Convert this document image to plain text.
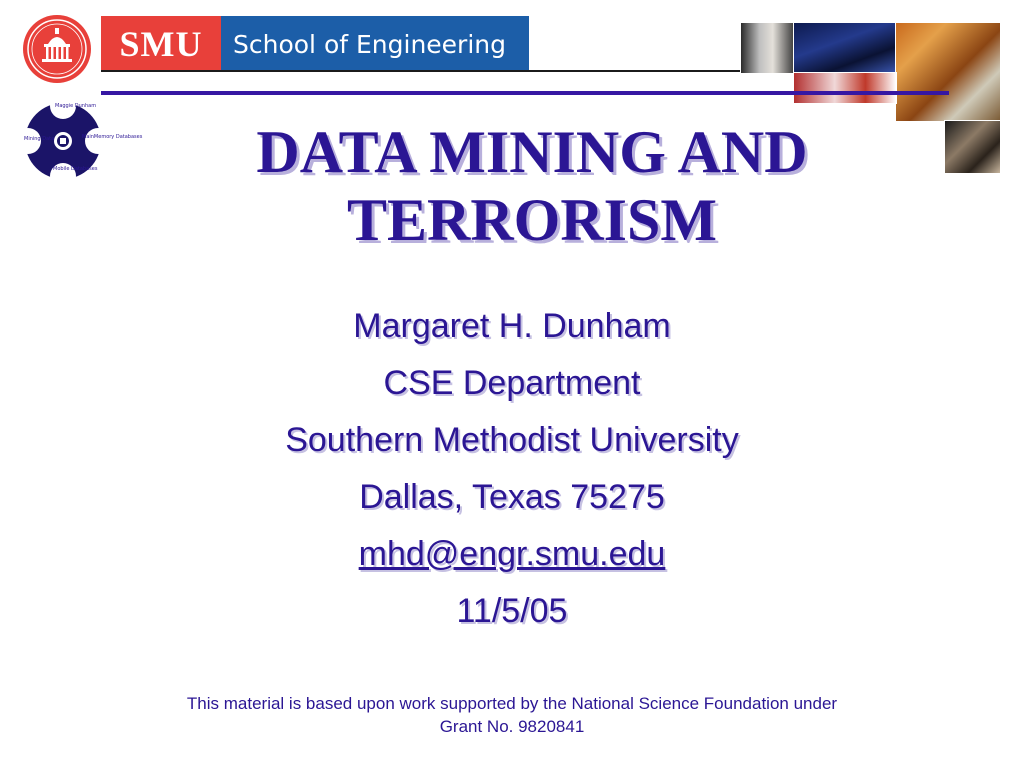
SMU	School of Engineering
Maggie Dunham
Mining Data	MainMemory Databases
Mobile Databases	DATA MINING AND
TERRORISM
Margaret H. Dunham
CSE Department
Southern Methodist University
Dallas, Texas 75275
mhd@engr.smu.edu
11/5/05
This material is based upon work supported by the National Science Foundation under
Grant No. 9820841
